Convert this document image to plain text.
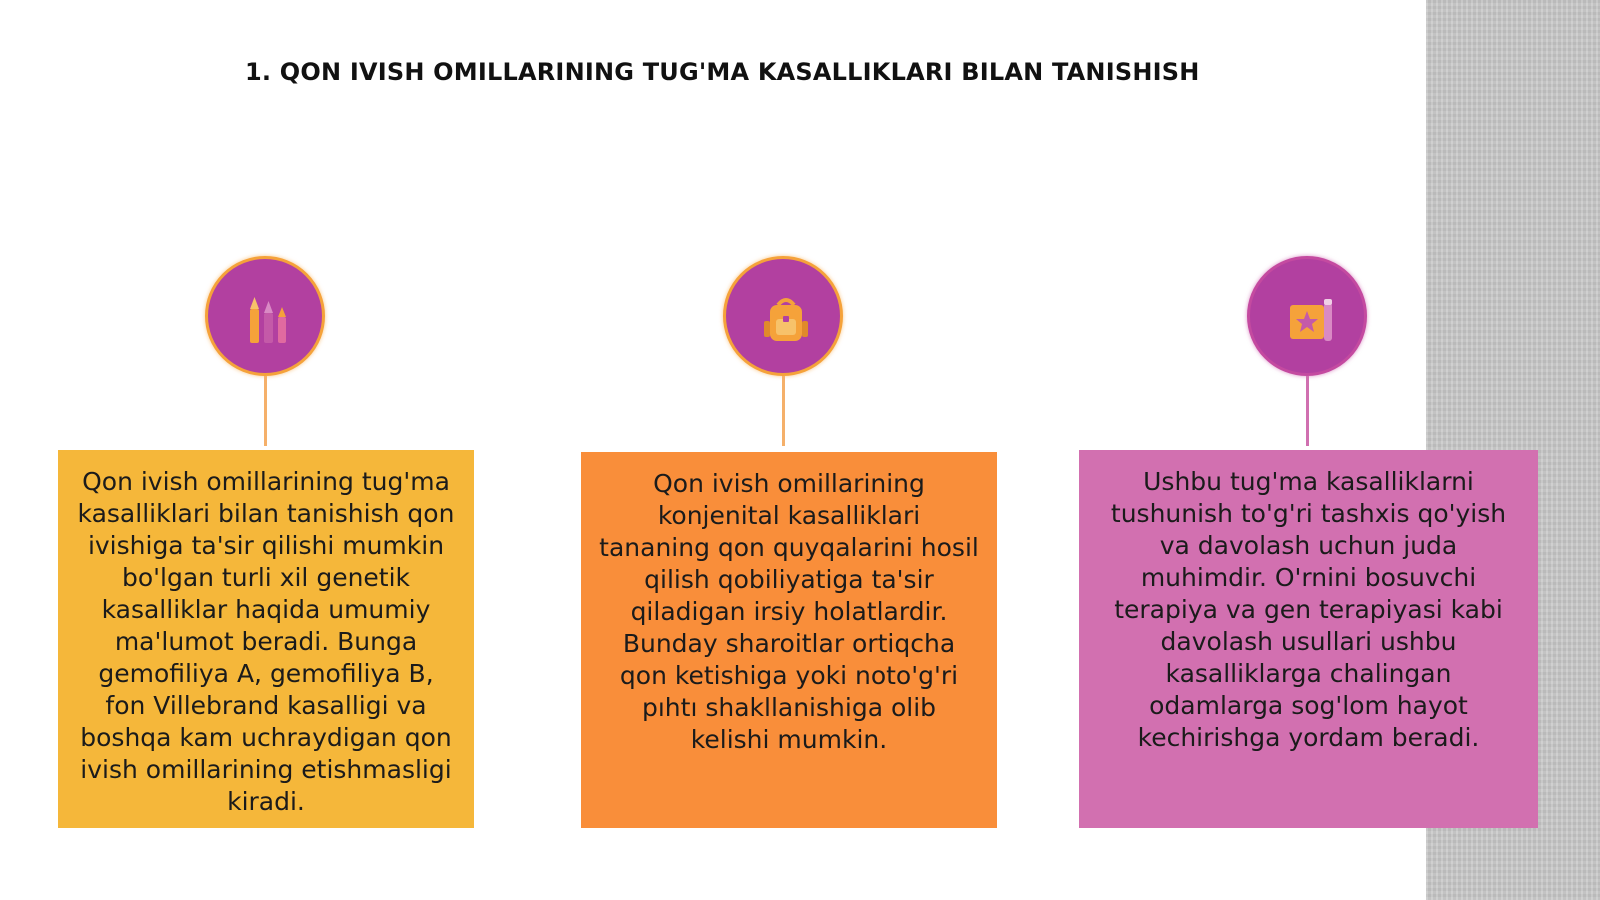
1. QON IVISH OMILLARINING TUG'MA KASALLIKLARI BILAN TANISHISH
Qon ivish omillarining tug'ma kasalliklari bilan tanishish qon ivishiga ta'sir qilishi mumkin bo'lgan turli xil genetik kasalliklar haqida umumiy ma'lumot beradi. Bunga gemofiliya A, gemofiliya B, fon Villebrand kasalligi va boshqa kam uchraydigan qon ivish omillarining etishmasligi kiradi.
Qon ivish omillarining konjenital kasalliklari tananing qon quyqalarini hosil qilish qobiliyatiga ta'sir qiladigan irsiy holatlardir. Bunday sharoitlar ortiqcha qon ketishiga yoki noto'g'ri pıhtı shakllanishiga olib kelishi mumkin.
Ushbu tug'ma kasalliklarni tushunish to'g'ri tashxis qo'yish va davolash uchun juda muhimdir. O'rnini bosuvchi terapiya va gen terapiyasi kabi davolash usullari ushbu kasalliklarga chalingan odamlarga sog'lom hayot kechirishga yordam beradi.
